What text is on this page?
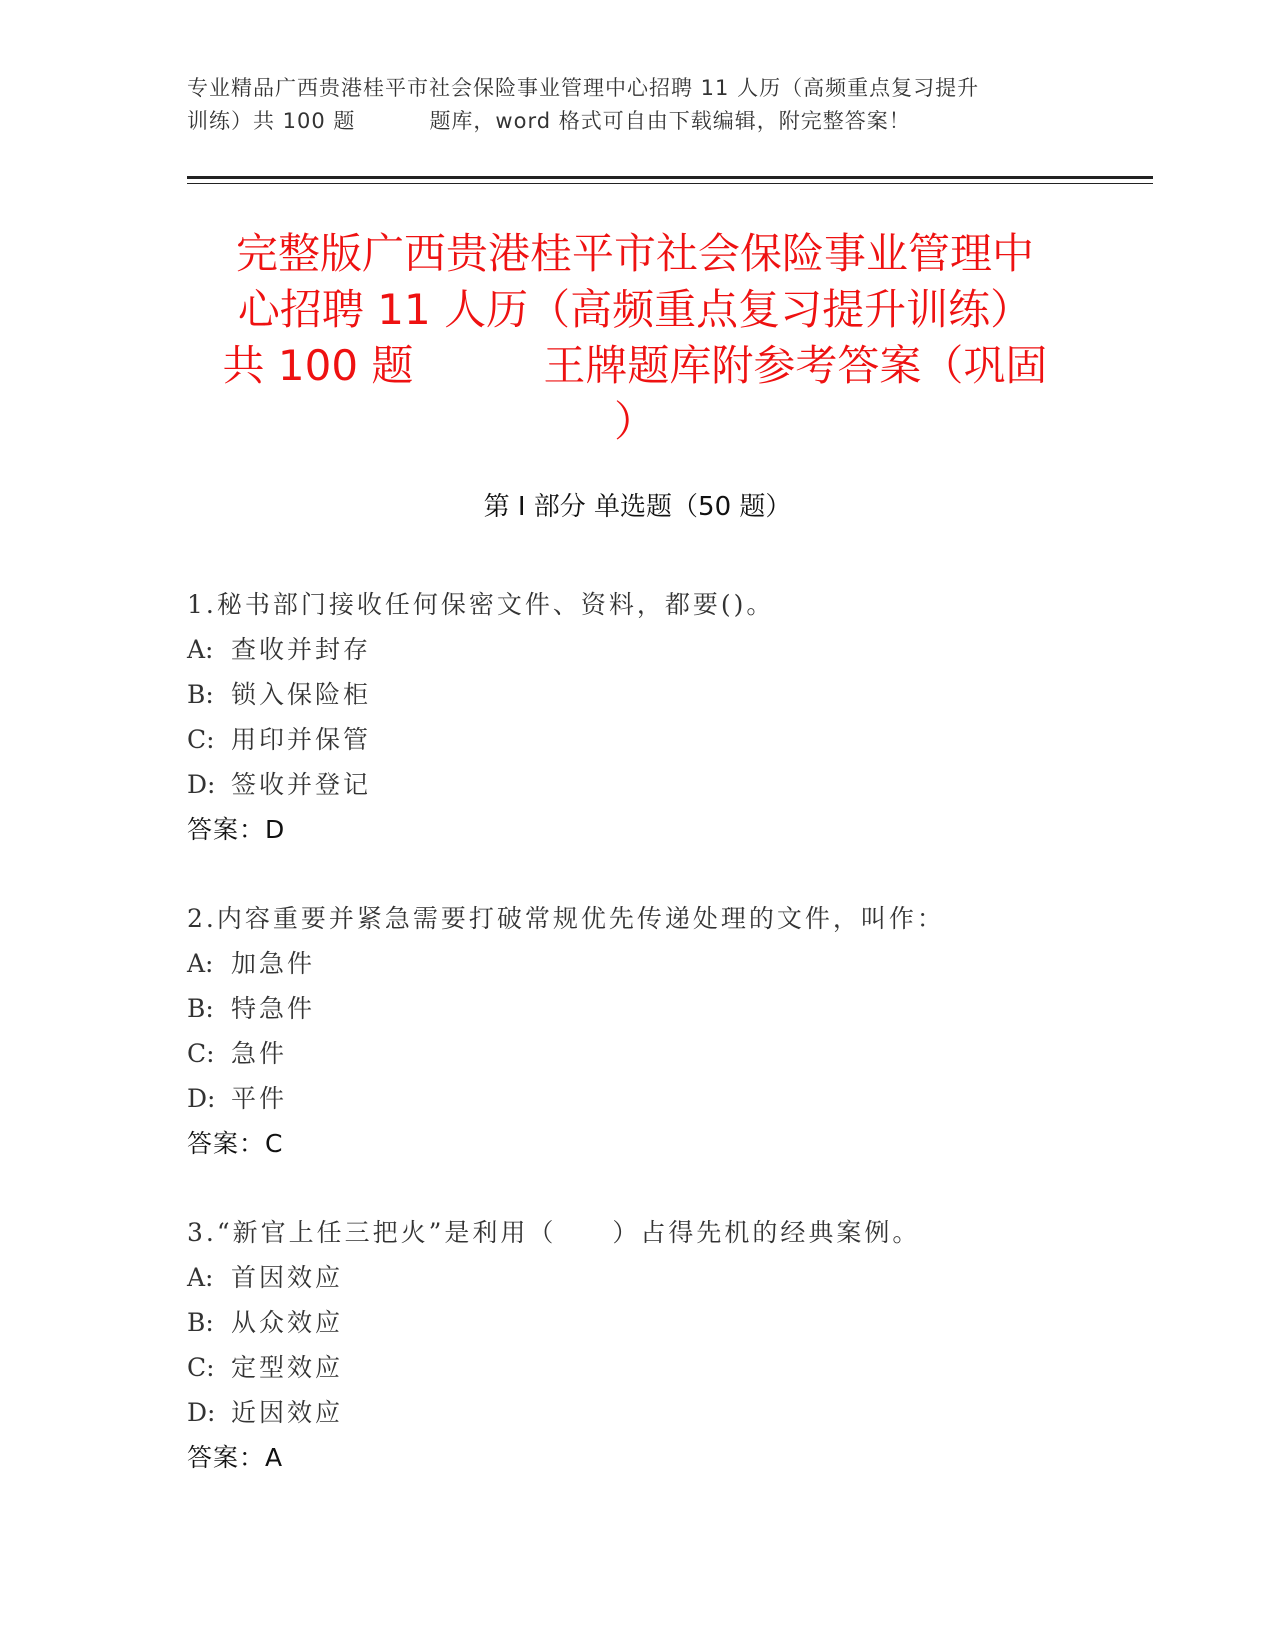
专业精品广西贵港桂平市社会保险事业管理中心招聘 11 人历（高频重点复习提升
训练）共 100 题	题库，word 格式可自由下载编辑，附完整答案！
完整版广西贵港桂平市社会保险事业管理中
心招聘 11 人历（高频重点复习提升训练）
共 100 题	王牌题库附参考答案（巩固
）
第 I 部分 单选题（50 题）
1.秘书部门接收任何保密文件、资料，都要()。
A: 查收并封存
B: 锁入保险柜
C: 用印并保管
D: 签收并登记
答案：D
2.内容重要并紧急需要打破常规优先传递处理的文件，叫作：
A: 加急件
B: 特急件
C: 急件
D: 平件
答案：C
3.“新官上任三把火”是利用（　　）占得先机的经典案例。
A: 首因效应
B: 从众效应
C: 定型效应
D: 近因效应
答案：A
